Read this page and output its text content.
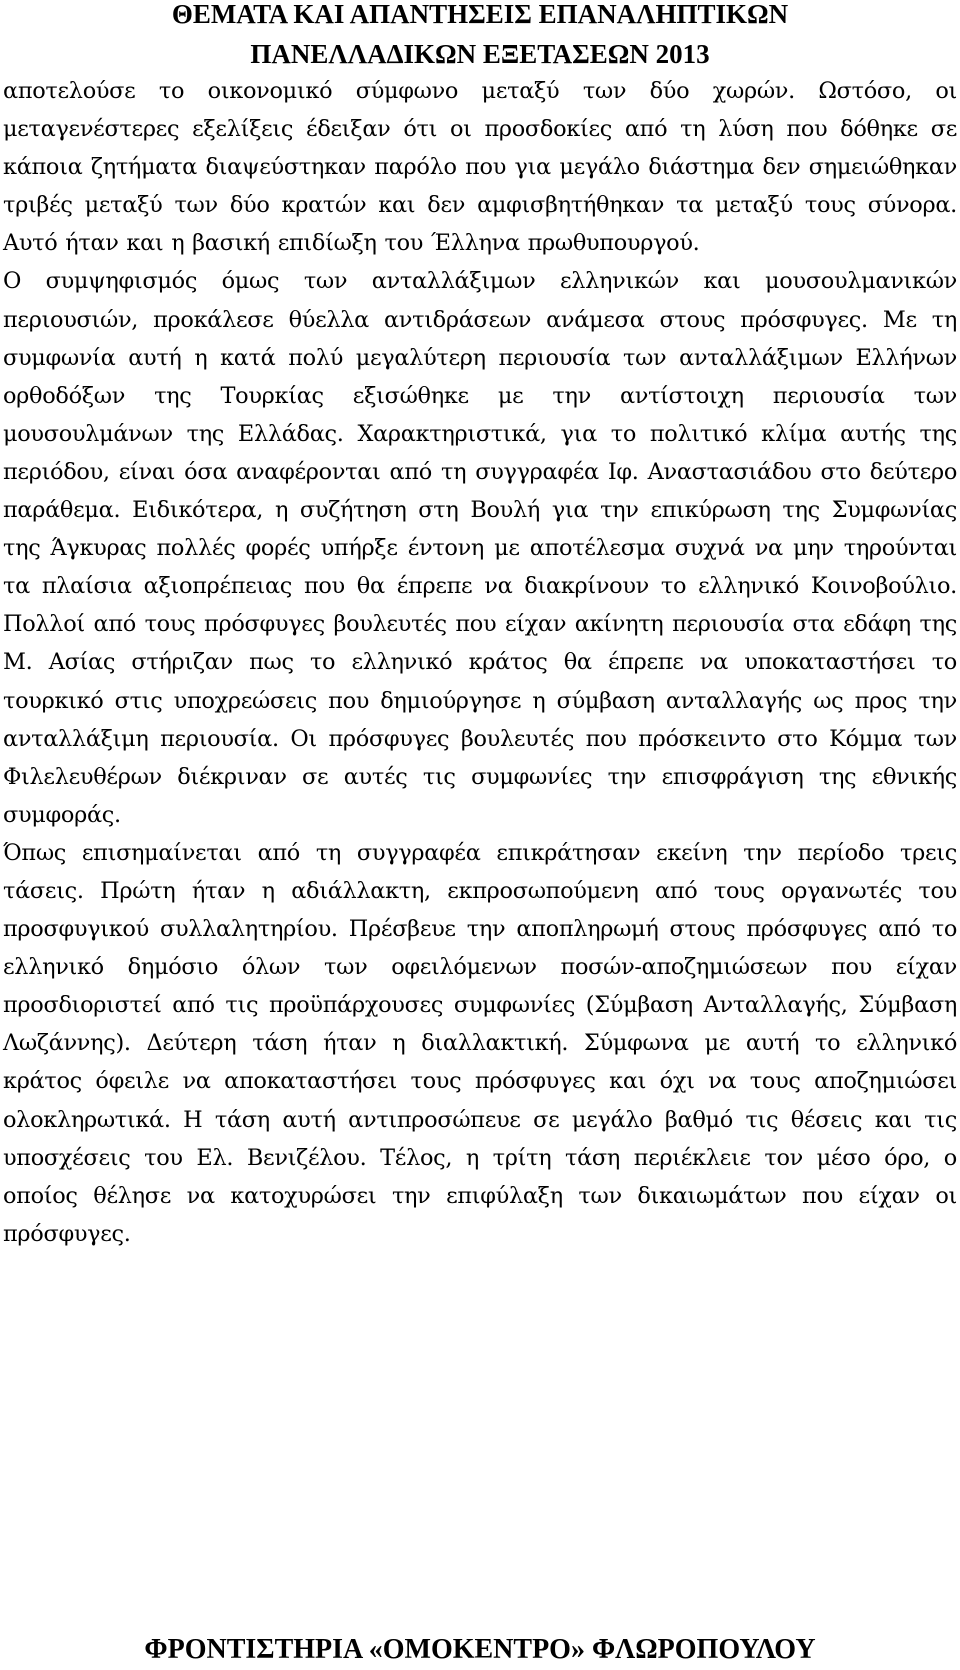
ΘΕΜΑΤΑ ΚΑΙ ΑΠΑΝΤΗΣΕΙΣ ΕΠΑΝΑΛΗΠΤΙΚΩΝ
ΠΑΝΕΛΛΑΔΙΚΩΝ ΕΞΕΤΑΣΕΩΝ 2013

αποτελούσε το οικονομικό σύμφωνο μεταξύ των δύο χωρών. Ωστόσο, οι μεταγενέστερες εξελίξεις έδειξαν ότι οι προσδοκίες από τη λύση που δόθηκε σε κάποια ζητήματα διαψεύστηκαν παρόλο που για μεγάλο διάστημα δεν σημειώθηκαν τριβές μεταξύ των δύο κρατών και δεν αμφισβητήθηκαν τα μεταξύ τους σύνορα. Αυτό ήταν και η βασική επιδίωξη του Έλληνα πρωθυπουργού.

Ο συμψηφισμός όμως των ανταλλάξιμων ελληνικών και μουσουλμανικών περιουσιών, προκάλεσε θύελλα αντιδράσεων ανάμεσα στους πρόσφυγες. Με τη συμφωνία αυτή η κατά πολύ μεγαλύτερη περιουσία των ανταλλάξιμων Ελλήνων ορθοδόξων της Τουρκίας εξισώθηκε με την αντίστοιχη περιουσία των μουσουλμάνων της Ελλάδας. Χαρακτηριστικά, για το πολιτικό κλίμα αυτής της περιόδου, είναι όσα αναφέρονται από τη συγγραφέα Ιφ. Αναστασιάδου στο δεύτερο παράθεμα. Ειδικότερα, η συζήτηση στη Βουλή για την επικύρωση της Συμφωνίας της Άγκυρας πολλές φορές υπήρξε έντονη με αποτέλεσμα συχνά να μην τηρούνται τα πλαίσια αξιοπρέπειας που θα έπρεπε να διακρίνουν το ελληνικό Κοινοβούλιο. Πολλοί από τους πρόσφυγες βουλευτές που είχαν ακίνητη περιουσία στα εδάφη της Μ. Ασίας στήριζαν πως το ελληνικό κράτος θα έπρεπε να υποκαταστήσει το τουρκικό στις υποχρεώσεις που δημιούργησε η σύμβαση ανταλλαγής ως προς την ανταλλάξιμη περιουσία. Οι πρόσφυγες βουλευτές που πρόσκειντο στο Κόμμα των Φιλελευθέρων διέκριναν σε αυτές τις συμφωνίες την επισφράγιση της εθνικής συμφοράς.

Όπως επισημαίνεται από τη συγγραφέα επικράτησαν εκείνη την περίοδο τρεις τάσεις. Πρώτη ήταν η αδιάλλακτη, εκπροσωπούμενη από τους οργανωτές του προσφυγικού συλλαλητηρίου. Πρέσβευε την αποπληρωμή στους πρόσφυγες από το ελληνικό δημόσιο όλων των οφειλόμενων ποσών-αποζημιώσεων που είχαν προσδιοριστεί από τις προϋπάρχουσες συμφωνίες (Σύμβαση Ανταλλαγής, Σύμβαση Λωζάννης). Δεύτερη τάση ήταν η διαλλακτική. Σύμφωνα με αυτή το ελληνικό κράτος όφειλε να αποκαταστήσει τους πρόσφυγες και όχι να τους αποζημιώσει ολοκληρωτικά. Η τάση αυτή αντιπροσώπευε σε μεγάλο βαθμό τις θέσεις και τις υποσχέσεις του Ελ. Βενιζέλου. Τέλος, η τρίτη τάση περιέκλειε τον μέσο όρο, ο οποίος θέλησε να κατοχυρώσει την επιφύλαξη των δικαιωμάτων που είχαν οι πρόσφυγες.

ΦΡΟΝΤΙΣΤΗΡΙΑ «ΟΜΟΚΕΝΤΡΟ» ΦΛΩΡΟΠΟΥΛΟΥ
